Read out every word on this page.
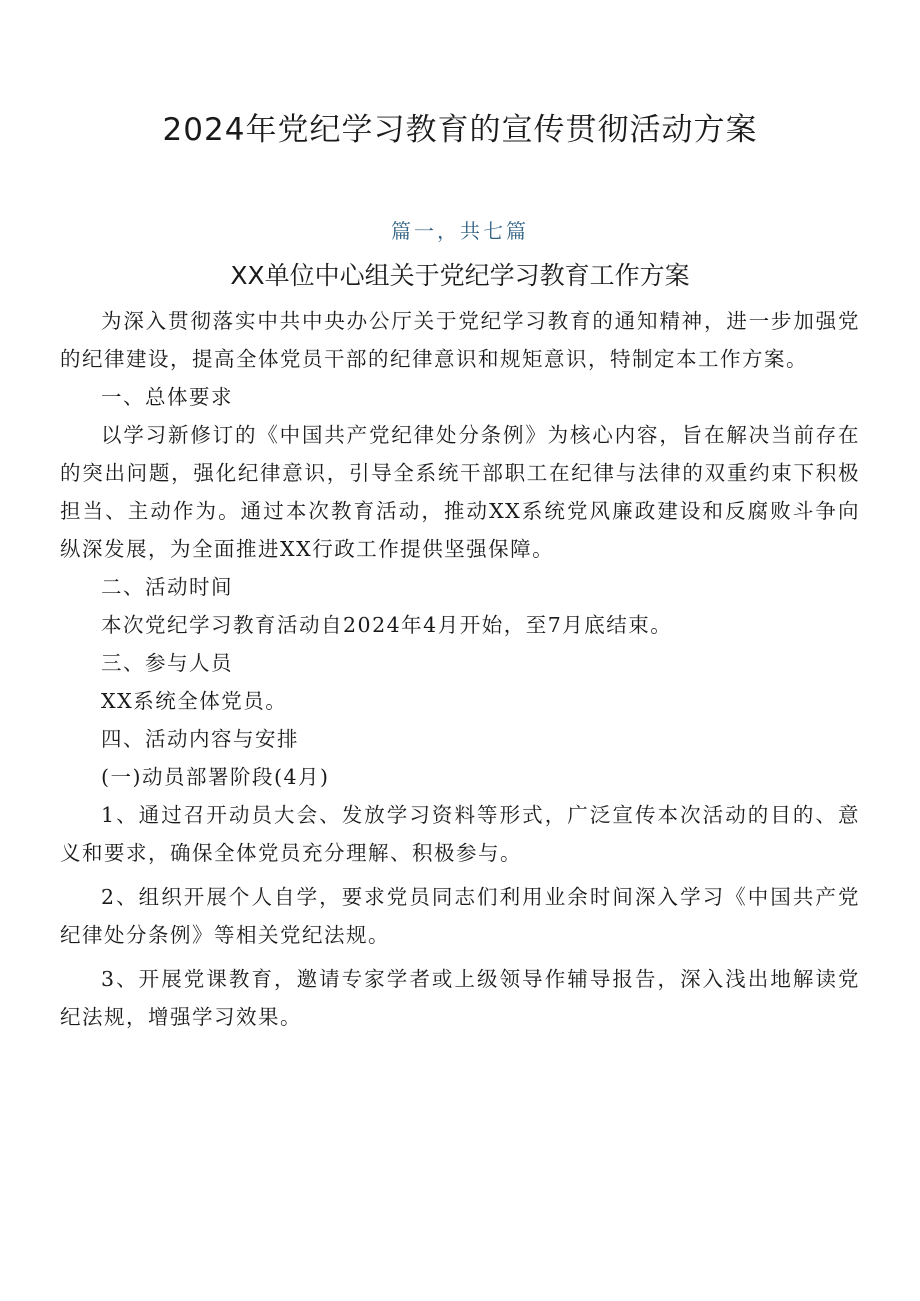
2024年党纪学习教育的宣传贯彻活动方案
篇一，共七篇
XX单位中心组关于党纪学习教育工作方案

为深入贯彻落实中共中央办公厅关于党纪学习教育的通知精神，进一步加强党的纪律建设，提高全体党员干部的纪律意识和规矩意识，特制定本工作方案。

一、总体要求

以学习新修订的《中国共产党纪律处分条例》为核心内容，旨在解决当前存在的突出问题，强化纪律意识，引导全系统干部职工在纪律与法律的双重约束下积极担当、主动作为。通过本次教育活动，推动XX系统党风廉政建设和反腐败斗争向纵深发展，为全面推进XX行政工作提供坚强保障。

二、活动时间

本次党纪学习教育活动自2024年4月开始，至7月底结束。

三、参与人员

XX系统全体党员。

四、活动内容与安排

(一)动员部署阶段(4月)

1、通过召开动员大会、发放学习资料等形式，广泛宣传本次活动的目的、意义和要求，确保全体党员充分理解、积极参与。

2、组织开展个人自学，要求党员同志们利用业余时间深入学习《中国共产党纪律处分条例》等相关党纪法规。

3、开展党课教育，邀请专家学者或上级领导作辅导报告，深入浅出地解读党纪法规，增强学习效果。
